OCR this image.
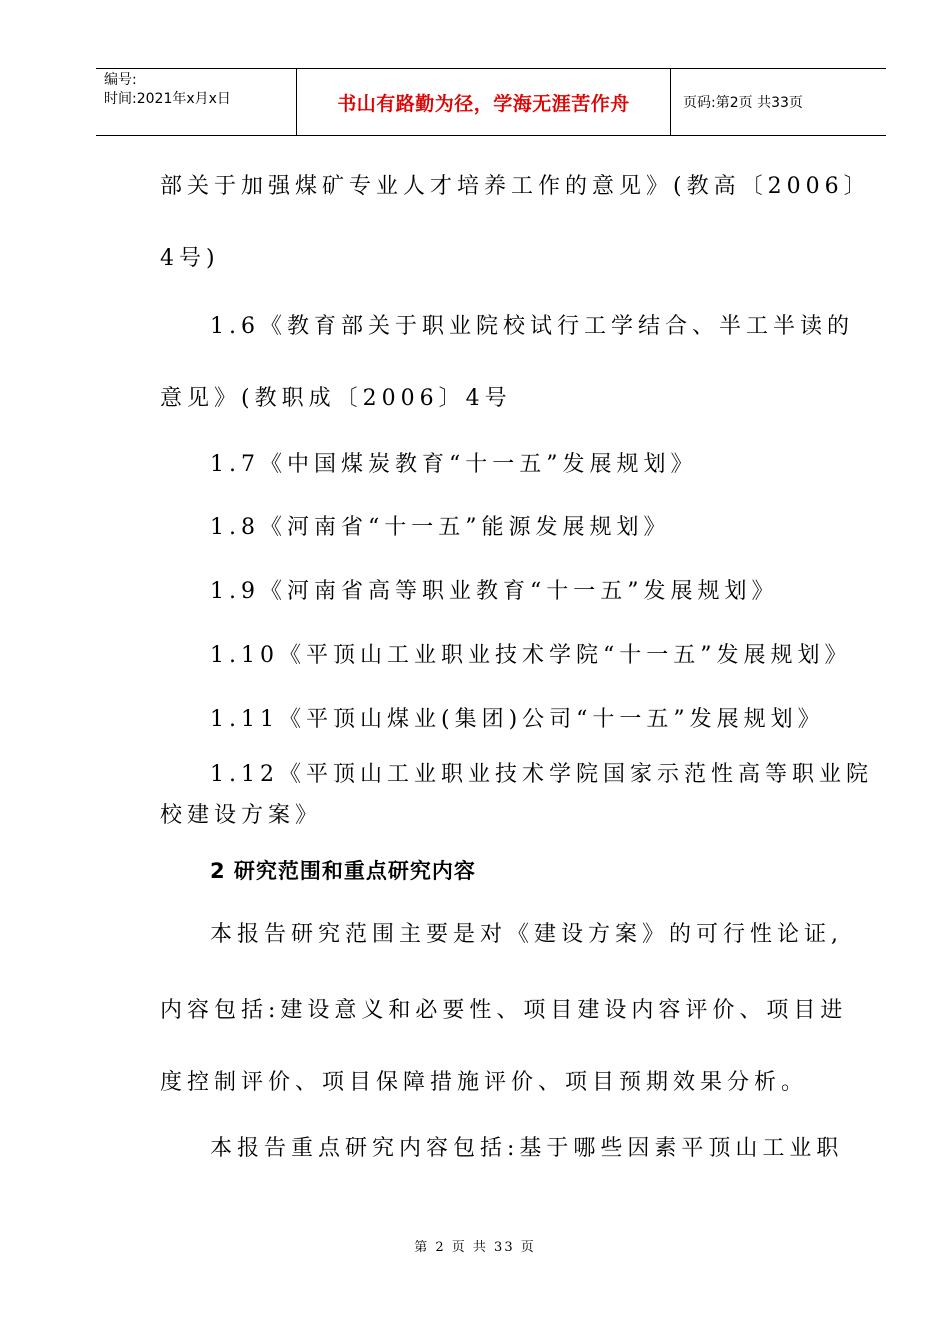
编号:
时间:2021年x月x日	书山有路勤为径，学海无涯苦作舟	页码:第2页 共33页
部关于加强煤矿专业人才培养工作的意见》(教高〔2006〕
4号)
1.6《教育部关于职业院校试行工学结合、半工半读的
意见》(教职成〔2006〕4号
1.7《中国煤炭教育“十一五”发展规划》
1.8《河南省“十一五”能源发展规划》
1.9《河南省高等职业教育“十一五”发展规划》
1.10《平顶山工业职业技术学院“十一五”发展规划》
1.11《平顶山煤业(集团)公司“十一五”发展规划》
1.12《平顶山工业职业技术学院国家示范性高等职业院
校建设方案》
2 研究范围和重点研究内容
本报告研究范围主要是对《建设方案》的可行性论证,
内容包括:建设意义和必要性、项目建设内容评价、项目进
度控制评价、项目保障措施评价、项目预期效果分析。
本报告重点研究内容包括:基于哪些因素平顶山工业职
第 2 页 共 33 页
